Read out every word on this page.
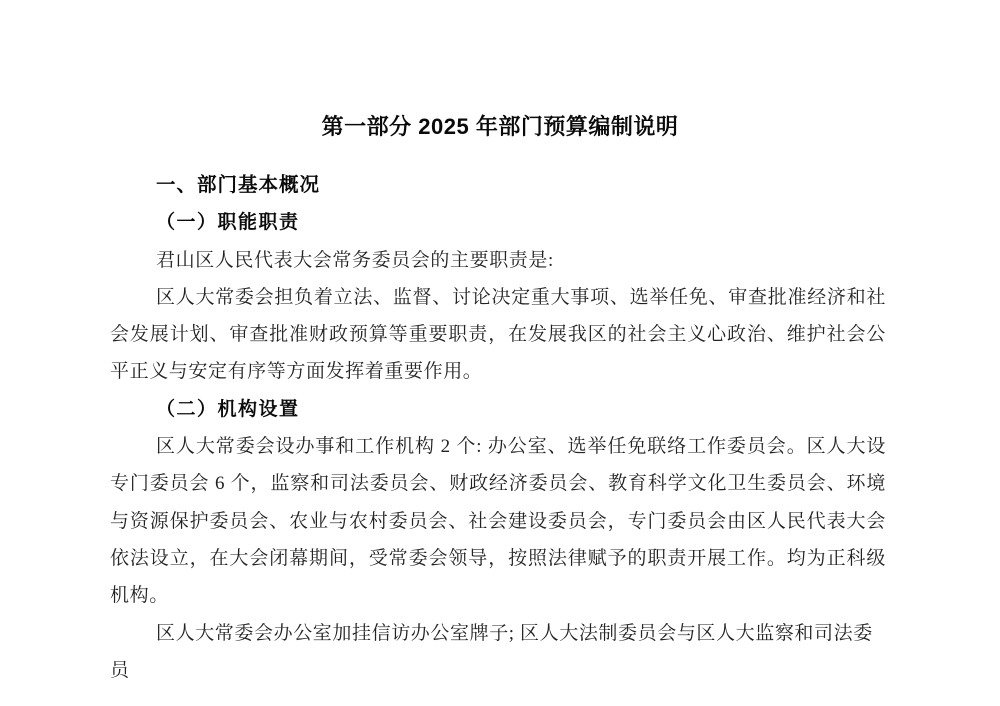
第一部分 2025 年部门预算编制说明
一、部门基本概况
（一）职能职责

君山区人民代表大会常务委员会的主要职责是:

区人大常委会担负着立法、监督、讨论决定重大事项、选举任免、审查批准经济和社会发展计划、审查批准财政预算等重要职责，在发展我区的社会主义心政治、维护社会公平正义与安定有序等方面发挥着重要作用。

（二）机构设置

区人大常委会设办事和工作机构 2 个: 办公室、选举任免联络工作委员会。区人大设专门委员会 6 个，监察和司法委员会、财政经济委员会、教育科学文化卫生委员会、环境与资源保护委员会、农业与农村委员会、社会建设委员会，专门委员会由区人民代表大会依法设立，在大会闭幕期间，受常委会领导，按照法律赋予的职责开展工作。均为正科级机构。

区人大常委会办公室加挂信访办公室牌子; 区人大法制委员会与区人大监察和司法委员
